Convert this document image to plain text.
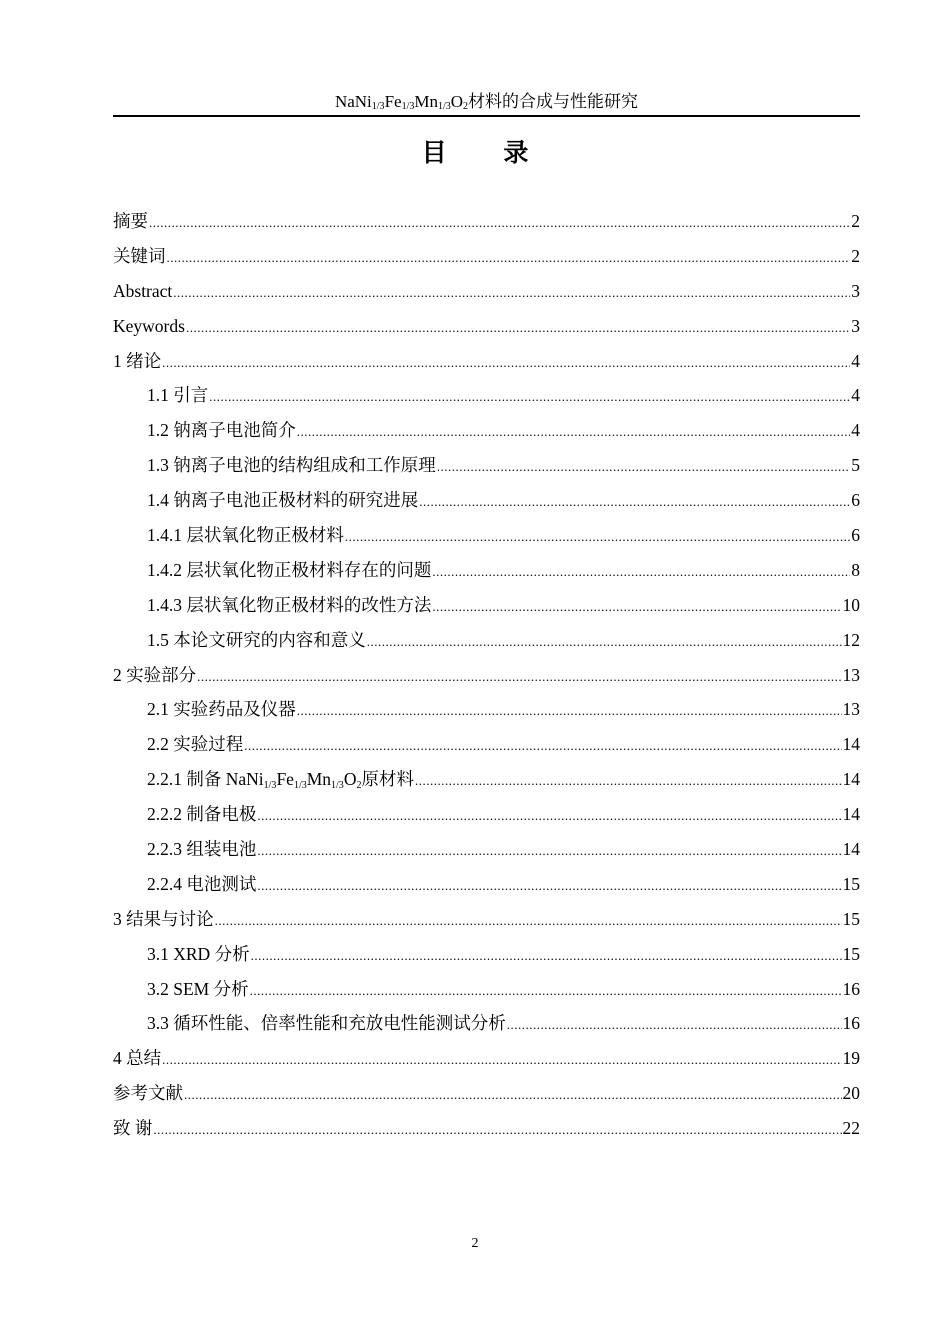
$NaNi_{1/3}Fe_{1/3}Mn_{1/3}O_2$材料的合成与性能研究
目 录
摘要 .....	2
关键词 .....	2
Abstract .....	3
Keywords .....	3
1 绪论 .....	4
1.1 引言 .....	4
1.2 钠离子电池简介 .....	4
1.3 钠离子电池的结构组成和工作原理 .....	5
1.4 钠离子电池正极材料的研究进展 .....	6
1.4.1 层状氧化物正极材料 .....	6
1.4.2 层状氧化物正极材料存在的问题 .....	8
1.4.3 层状氧化物正极材料的改性方法 .....	10
1.5 本论文研究的内容和意义 .....	12
2 实验部分 .....	13
2.1 实验药品及仪器 .....	13
2.2 实验过程 .....	14
2.2.1 制备 $NaNi_{1/3}Fe_{1/3}Mn_{1/3}O_2$原材料 .....	14
2.2.2 制备电极 .....	14
2.2.3 组装电池 .....	14
2.2.4 电池测试 .....	15
3 结果与讨论 .....	15
3.1 XRD 分析 .....	15
3.2 SEM 分析 .....	16
3.3 循环性能、倍率性能和充放电性能测试分析 .....	16
4 总结 .....	19
参考文献 .....	20
致 谢 .....	22
2
